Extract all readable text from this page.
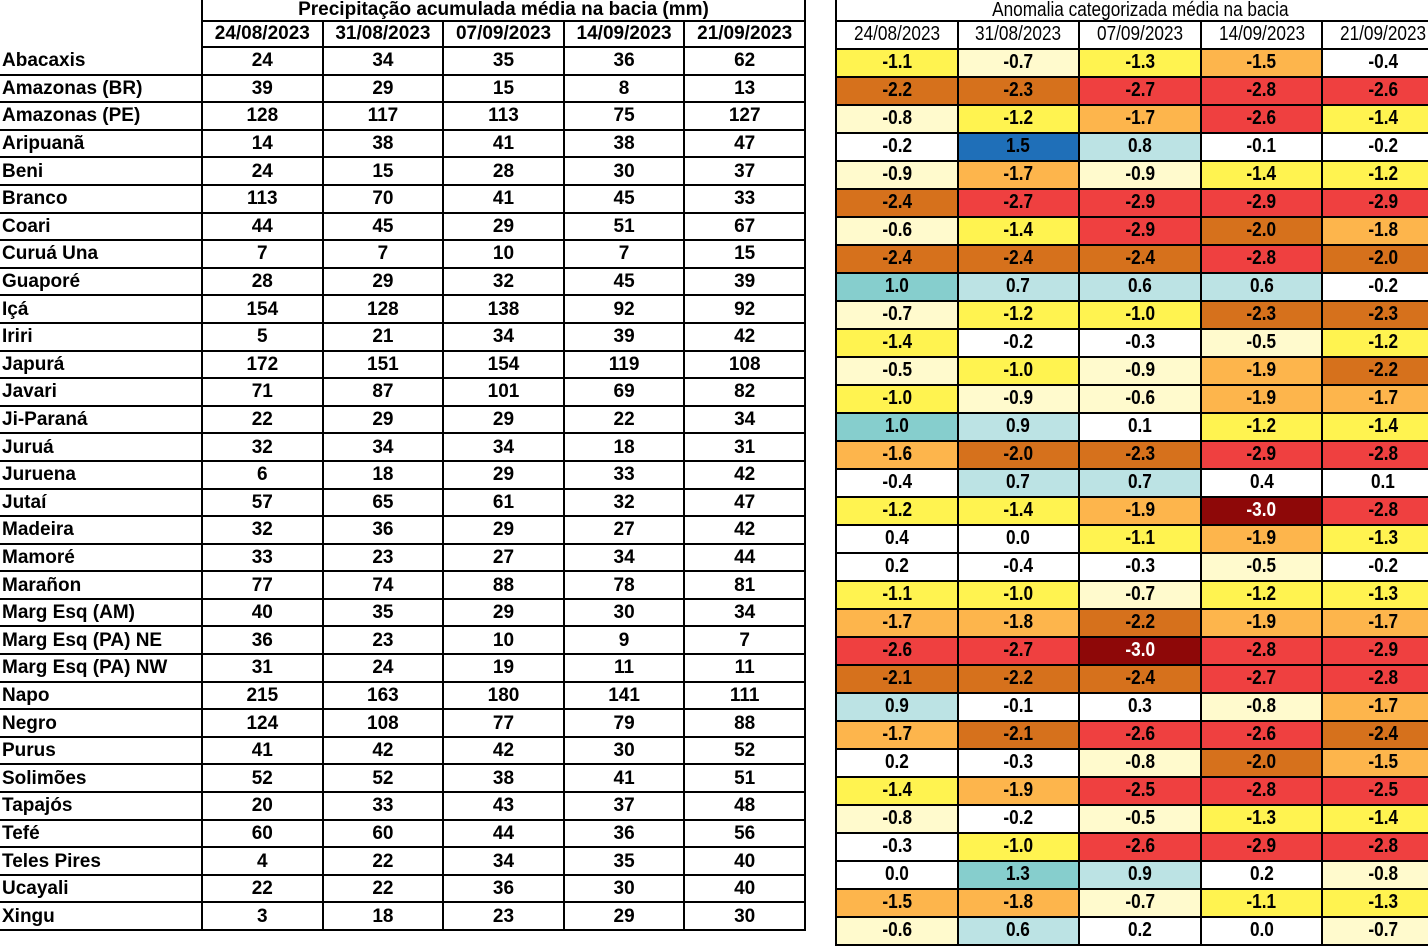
	Precipitação acumulada média na bacia (mm)				
	24/08/2023	31/08/2023	07/09/2023	14/09/2023	21/09/2023
Abacaxis	24	34	35	36	62
Amazonas (BR)	39	29	15	8	13
Amazonas (PE)	128	117	113	75	127
Aripuanã	14	38	41	38	47
Beni	24	15	28	30	37
Branco	113	70	41	45	33
Coari	44	45	29	51	67
Curuá Una	7	7	10	7	15
Guaporé	28	29	32	45	39
Içá	154	128	138	92	92
Iriri	5	21	34	39	42
Japurá	172	151	154	119	108
Javari	71	87	101	69	82
Ji-Paraná	22	29	29	22	34
Juruá	32	34	34	18	31
Juruena	6	18	29	33	42
Jutaí	57	65	61	32	47
Madeira	32	36	29	27	42
Mamoré	33	23	27	34	44
Marañon	77	74	88	78	81
Marg Esq (AM)	40	35	29	30	34
Marg Esq (PA) NE	36	23	10	9	7
Marg Esq (PA) NW	31	24	19	11	11
Napo	215	163	180	141	111
Negro	124	108	77	79	88
Purus	41	42	42	30	52
Solimões	52	52	38	41	51
Tapajós	20	33	43	37	48
Tefé	60	60	44	36	56
Teles Pires	4	22	34	35	40
Ucayali	22	22	36	30	40
Xingu	3	18	23	29	30
Anomalia categorizada média na bacia				
24/08/2023	31/08/2023	07/09/2023	14/09/2023	21/09/2023
-1.1	-0.7	-1.3	-1.5	-0.4
-2.2	-2.3	-2.7	-2.8	-2.6
-0.8	-1.2	-1.7	-2.6	-1.4
-0.2	1.5	0.8	-0.1	-0.2
-0.9	-1.7	-0.9	-1.4	-1.2
-2.4	-2.7	-2.9	-2.9	-2.9
-0.6	-1.4	-2.9	-2.0	-1.8
-2.4	-2.4	-2.4	-2.8	-2.0
1.0	0.7	0.6	0.6	-0.2
-0.7	-1.2	-1.0	-2.3	-2.3
-1.4	-0.2	-0.3	-0.5	-1.2
-0.5	-1.0	-0.9	-1.9	-2.2
-1.0	-0.9	-0.6	-1.9	-1.7
1.0	0.9	0.1	-1.2	-1.4
-1.6	-2.0	-2.3	-2.9	-2.8
-0.4	0.7	0.7	0.4	0.1
-1.2	-1.4	-1.9	-3.0	-2.8
0.4	0.0	-1.1	-1.9	-1.3
0.2	-0.4	-0.3	-0.5	-0.2
-1.1	-1.0	-0.7	-1.2	-1.3
-1.7	-1.8	-2.2	-1.9	-1.7
-2.6	-2.7	-3.0	-2.8	-2.9
-2.1	-2.2	-2.4	-2.7	-2.8
0.9	-0.1	0.3	-0.8	-1.7
-1.7	-2.1	-2.6	-2.6	-2.4
0.2	-0.3	-0.8	-2.0	-1.5
-1.4	-1.9	-2.5	-2.8	-2.5
-0.8	-0.2	-0.5	-1.3	-1.4
-0.3	-1.0	-2.6	-2.9	-2.8
0.0	1.3	0.9	0.2	-0.8
-1.5	-1.8	-0.7	-1.1	-1.3
-0.6	0.6	0.2	0.0	-0.7
